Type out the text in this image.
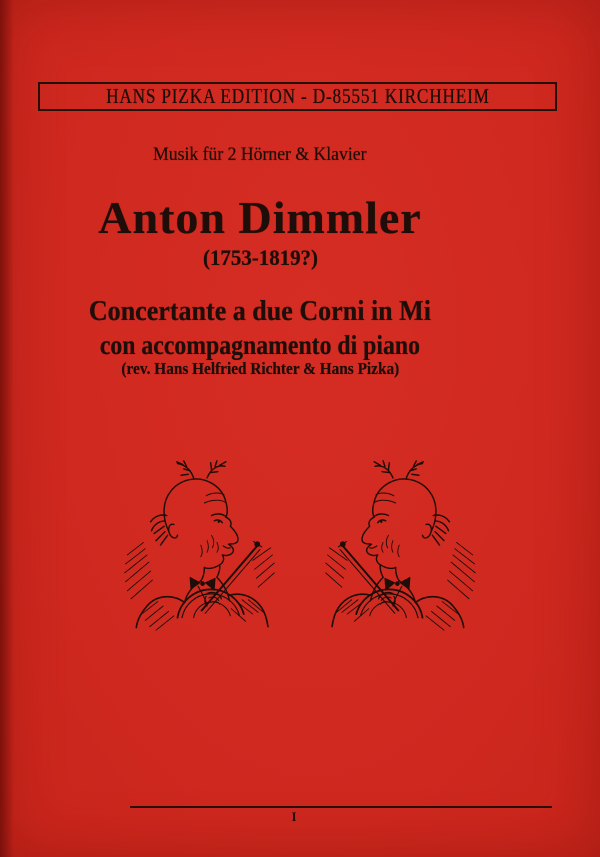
HANS PIZKA EDITION - D-85551 KIRCHHEIM
Musik für 2 Hörner & Klavier
Anton Dimmler
(1753-1819?)
Concertante a due Corni in Mi
con accompagnamento di piano
(rev. Hans Helfried Richter & Hans Pizka)
I
